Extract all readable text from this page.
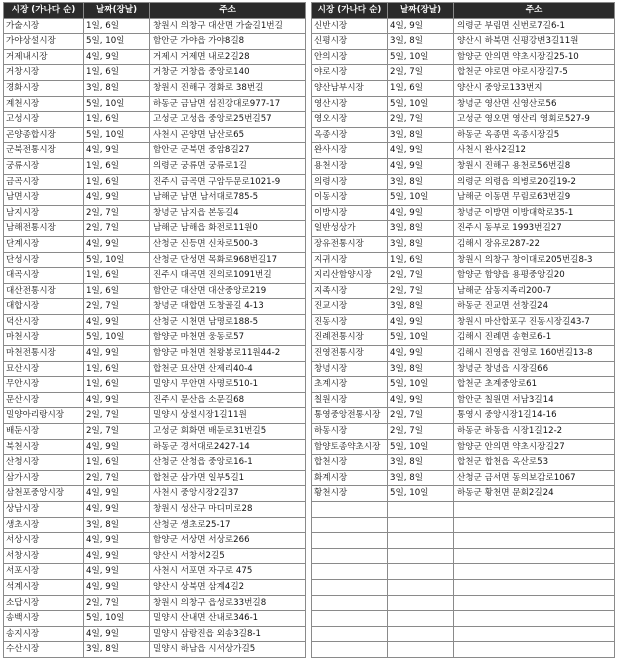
시장 (가나다 순)	날짜(장날)	주소
가술시장	1일, 6일	창원시 의창구 대산면 가술길1번길
가야상설시장	5일, 10일	함안군 가야읍 가야8길8
거제내시장	4일, 9일	거제시 거제면 내로2길28
거창시장	1일, 6일	거창군 거창읍 중앙로140
경화시장	3일, 8일	창원시 진해구 경화로 38번길
계천시장	5일, 10일	하동군 금남면 섬진강대로977-17
고성시장	1일, 6일	고성군 고성읍 중앙로25번길57
곤양종합시장	5일, 10일	사천시 곤양면 남산로65
군북전통시장	4일, 9일	함안군 군북면 중암8길27
궁류시장	1일, 6일	의령군 궁류면 궁류로1길
금곡시장	1일, 6일	진주시 금곡면 구암두문로1021-9
남면시장	4일, 9일	남해군 남면 남서대로785-5
남지시장	2일, 7일	창녕군 남지읍 본동길4
남해전통시장	2일, 7일	남해군 남해읍 화전로11원0
단계시장	4일, 9일	산청군 신등면 신차로500-3
단성시장	5일, 10일	산청군 단성면 목화로968번길17
대곡시장	1일, 6일	진주시 대곡면 진의로1091번길
대산전통시장	1일, 6일	함안군 대산면 대산중앙로219
대합시장	2일, 7일	창녕군 대합면 도창골길 4-13
덕산시장	4일, 9일	산청군 시천면 남명로188-5
마천시장	5일, 10일	함양군 마천면 웅동로57
마천전통시장	4일, 9일	함양군 마천면 천왕봉로11원44-2
묘산시장	1일, 6일	합천군 묘산면 산제리40-4
무안시장	1일, 6일	밀양시 무안면 사명로510-1
문산시장	4일, 9일	진주시 문산읍 소문길68
밀양아리랑시장	2일, 7일	밀양시 상설시장1길11원
배둔시장	2일, 7일	고성군 회화면 배둔로31번길5
북천시장	4일, 9일	하동군 경서대로2427-14
산청시장	1일, 6일	산청군 산청읍 중앙로16-1
삼가시장	2일, 7일	합천군 삼가면 일부5길1
삼천포중앙시장	4일, 9일	사천시 중앙시장2길37
상남시장	4일, 9일	창원시 성산구 마디미로28
생초시장	3일, 8일	산청군 생초로25-17
서상시장	4일, 9일	함양군 서상면 서상로266
서창시장	4일, 9일	양산시 서창서2길5
서포시장	4일, 9일	사천시 서포면 자구로 475
석계시장	4일, 9일	양산시 상북면 삼계4길2
소답시장	2일, 7일	창원시 의창구 읍성로33번길8
송백시장	5일, 10일	밀양시 산내면 산내로346-1
송지시장	4일, 9일	밀양시 삼랑진읍 외송3길8-1
수산시장	3일, 8일	밀양시 하남읍 시서상가길5
시장 (가나다 순)	날짜(장날)	주소
신반시장	4일, 9일	의령군 부림면 신번로7길6-1
신평시장	3일, 8일	양산시 하북면 신평강변3길11원
안의시장	5일, 10일	함양군 안의면 약초시장길25-10
야로시장	2일, 7일	합천군 야로면 야로시장길7-5
양산남부시장	1일, 6일	양산시 중앙로133번지
영산시장	5일, 10일	창녕군 영산면 신영산로56
영오시장	2일, 7일	고성군 영오면 영산리 영회로527-9
옥종시장	3일, 8일	하동군 옥종면 옥종시장길5
완사시장	4일, 9일	사천시 완사2길12
용천시장	4일, 9일	창원시 진해구 용천로56번길8
의령시장	3일, 8일	의령군 의령읍 의병로20길19-2
이동시장	5일, 10일	남해군 이동면 무림로63번길9
이방시장	4일, 9일	창녕군 이방면 이방대학로35-1
일반성상가	3일, 8일	진주시 동부로 1993번길27
장유전통시장	3일, 8일	김해시 장유로287-22
지귀시장	1일, 6일	창원시 의창구 창이대로205번길8-3
지리산함양시장	2일, 7일	함양군 함양읍 용평중앙길20
지족시장	2일, 7일	남해군 삼동지족리200-7
진교시장	3일, 8일	하동군 진교면 선창길24
진동시장	4일, 9일	창원시 마산합포구 진동시장길43-7
진례전통시장	5일, 10일	김해시 진례면 송현로6-1
진영전통시장	4일, 9일	김해시 진영읍 진영로 160번길13-8
창녕시장	3일, 8일	창녕군 창녕읍 시장길66
초계시장	5일, 10일	합천군 초계중앙로61
칠원시장	4일, 9일	함안군 칠원면 서남3길14
통영중앙전통시장	2일, 7일	통영시 중앙시장1길14-16
하동시장	2일, 7일	하동군 하동읍 시장1길12-2
함양토종약초시장	5일, 10일	함양군 안의면 약초시장길27
합천시장	3일, 8일	합천군 합천읍 옥산로53
화계시장	3일, 8일	산청군 금서면 동의보감로1067
황천시장	5일, 10일	하동군 황천면 문회2길24
